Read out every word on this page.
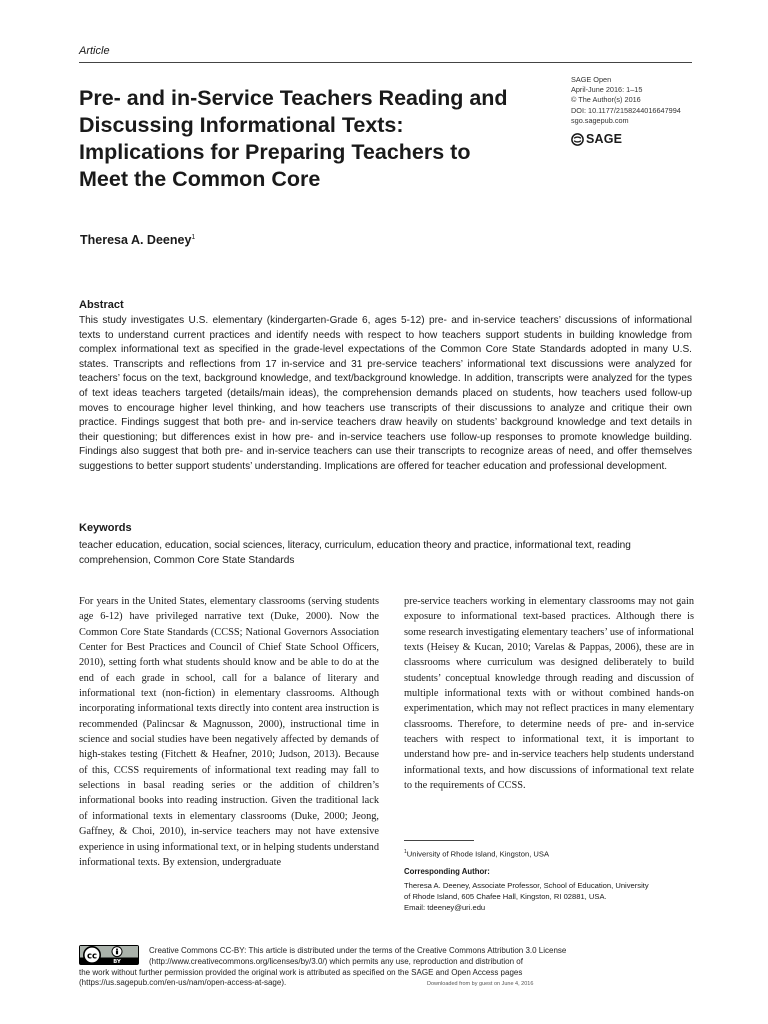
Article
Pre- and in-Service Teachers Reading and Discussing Informational Texts: Implications for Preparing Teachers to Meet the Common Core
SAGE Open
April-June 2016: 1–15
© The Author(s) 2016
DOI: 10.1177/2158244016647994
sgo.sagepub.com
SAGE
Theresa A. Deeney$^1$
Abstract
This study investigates U.S. elementary (kindergarten-Grade 6, ages 5-12) pre- and in-service teachers’ discussions of informational texts to understand current practices and identify needs with respect to how teachers support students in building knowledge from complex informational text as specified in the grade-level expectations of the Common Core State Standards adopted in many U.S. states. Transcripts and reflections from 17 in-service and 31 pre-service teachers’ informational text discussions were analyzed for teachers’ focus on the text, background knowledge, and text/background knowledge. In addition, transcripts were analyzed for the types of text ideas teachers targeted (details/main ideas), the comprehension demands placed on students, how teachers used follow-up moves to encourage higher level thinking, and how teachers use transcripts of their discussions to analyze and critique their own practice. Findings suggest that both pre- and in-service teachers draw heavily on students’ background knowledge and text details in their questioning; but differences exist in how pre- and in-service teachers use follow-up responses to promote knowledge building. Findings also suggest that both pre- and in-service teachers can use their transcripts to recognize areas of need, and offer themselves suggestions to better support students’ understanding. Implications are offered for teacher education and professional development.
Keywords
teacher education, education, social sciences, literacy, curriculum, education theory and practice, informational text, reading comprehension, Common Core State Standards
For years in the United States, elementary classrooms (serving students age 6-12) have privileged narrative text (Duke, 2000). Now the Common Core State Standards (CCSS; National Governors Association Center for Best Practices and Council of Chief State School Officers, 2010), setting forth what students should know and be able to do at the end of each grade in school, call for a balance of literary and informational text (non-fiction) in elementary classrooms. Although incorporating informational texts directly into content area instruction is recommended (Palincsar & Magnusson, 2000), instructional time in science and social studies have been negatively affected by demands of high-stakes testing (Fitchett & Heafner, 2010; Judson, 2013). Because of this, CCSS requirements of informational text reading may fall to selections in basal reading series or the addition of children’s informational books into reading instruction. Given the traditional lack of informational texts in elementary classrooms (Duke, 2000; Jeong, Gaffney, & Choi, 2010), in-service teachers may not have extensive experience in using informational text, or in helping students understand informational texts. By extension, undergraduate
pre-service teachers working in elementary classrooms may not gain exposure to informational text-based practices. Although there is some research investigating elementary teachers’ use of informational texts (Heisey & Kucan, 2010; Varelas & Pappas, 2006), these are in classrooms where curriculum was designed deliberately to build students’ conceptual knowledge through reading and discussion of multiple informational texts with or without combined hands-on experimentation, which may not reflect practices in many elementary classrooms. Therefore, to determine needs of pre- and in-service teachers with respect to informational text, it is important to understand how pre- and in-service teachers help students understand informational texts, and how discussions of informational text relate to the requirements of CCSS.
$^1$University of Rhode Island, Kingston, USA
Corresponding Author:
Theresa A. Deeney, Associate Professor, School of Education, University
of Rhode Island, 605 Chafee Hall, Kingston, RI 02881, USA.
Email: tdeeney@uri.edu
cc
BY
Creative Commons CC-BY: This article is distributed under the terms of the Creative Commons Attribution 3.0 License
(http://www.creativecommons.org/licenses/by/3.0/) which permits any use, reproduction and distribution of
the work without further permission provided the original work is attributed as specified on the SAGE and Open Access pages
(https://us.sagepub.com/en-us/nam/open-access-at-sage).	Downloaded from by guest on June 4, 2016
